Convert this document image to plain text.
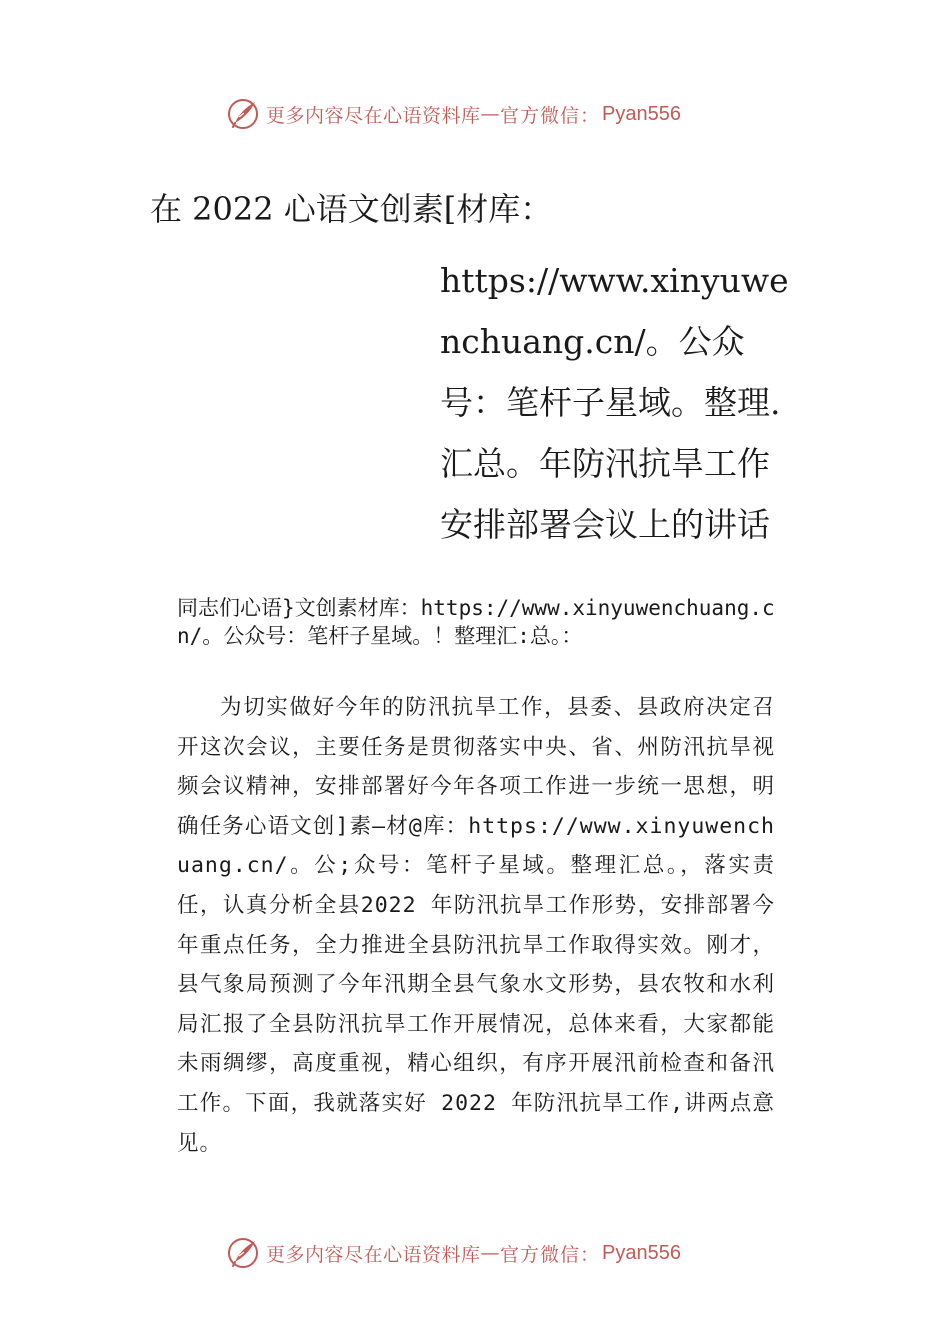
更多内容尽在心语资料库 — 官方微信： Pyan556
在 2022 心语文创素[材库：
https://www.xinyuwenchuang.cn/。公众号：笔杆子星域。整理.汇总。年防汛抗旱工作安排部署会议上的讲话
同志们心语}文创素材库：https://www.xinyuwenchuang.cn/。公众号：笔杆子星域。！整理汇:总。：
为切实做好今年的防汛抗旱工作，县委、县政府决定召开这次会议，主要任务是贯彻落实中央、省、州防汛抗旱视频会议精神，安排部署好今年各项工作进一步统一思想，明确任务心语文创]素—材@库：https://www.xinyuwenchuang.cn/。公;众号：笔杆子星域。整理汇总。，落实责任，认真分析全县2022 年防汛抗旱工作形势，安排部署今年重点任务，全力推进全县防汛抗旱工作取得实效。刚才，县气象局预测了今年汛期全县气象水文形势，县农牧和水利局汇报了全县防汛抗旱工作开展情况，总体来看，大家都能未雨绸缪，高度重视，精心组织，有序开展汛前检查和备汛工作。下面，我就落实好 2022 年防汛抗旱工作,讲两点意见。
更多内容尽在心语资料库 — 官方微信： Pyan556
